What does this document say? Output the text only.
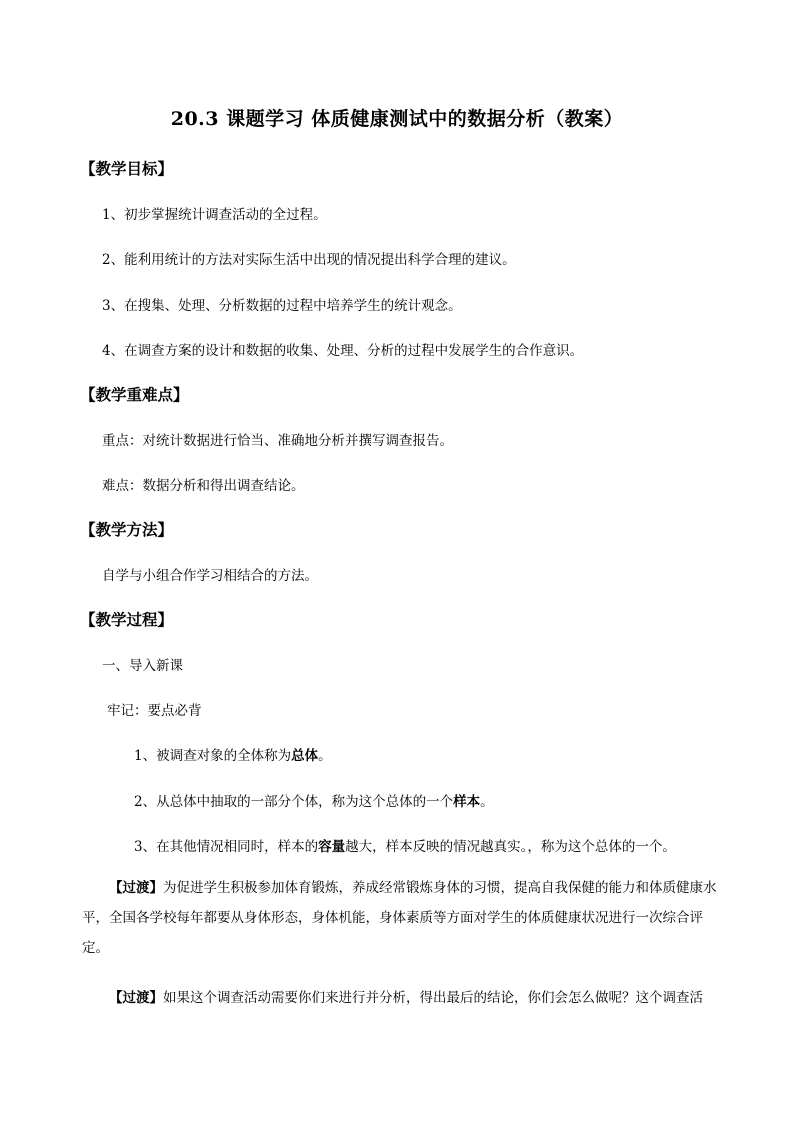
20.3 课题学习 体质健康测试中的数据分析（教案）
【教学目标】
1、初步掌握统计调查活动的全过程。
2、能利用统计的方法对实际生活中出现的情况提出科学合理的建议。
3、在搜集、处理、分析数据的过程中培养学生的统计观念。
4、在调查方案的设计和数据的收集、处理、分析的过程中发展学生的合作意识。
【教学重难点】
重点：对统计数据进行恰当、准确地分析并撰写调查报告。
难点：数据分析和得出调查结论。
【教学方法】
自学与小组合作学习相结合的方法。
【教学过程】
一、导入新课
牢记：要点必背
1、被调查对象的全体称为总体。
2、从总体中抽取的一部分个体，称为这个总体的一个样本。
3、在其他情况相同时，样本的容量越大，样本反映的情况越真实。，称为这个总体的一个。
【过渡】为促进学生积极参加体育锻炼，养成经常锻炼身体的习惯，提高自我保健的能力和体质健康水平，全国各学校每年都要从身体形态，身体机能，身体素质等方面对学生的体质健康状况进行一次综合评定。
【过渡】如果这个调查活动需要你们来进行并分析，得出最后的结论，你们会怎么做呢？这个调查活
